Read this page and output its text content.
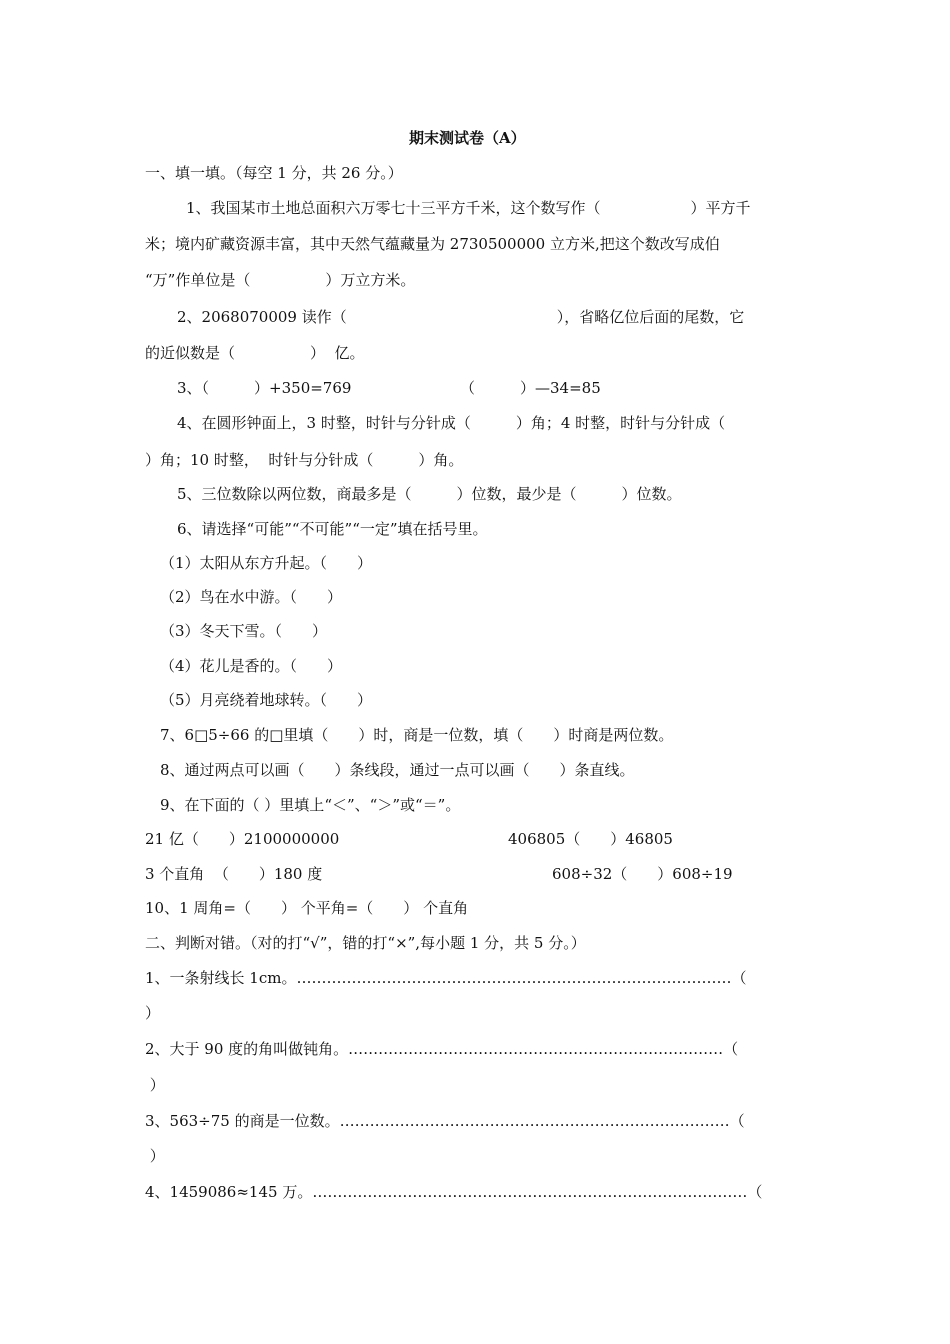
期末测试卷（A）
一、填一填。（每空 1 分，共 26 分。）
1、我国某市土地总面积六万零七十三平方千米，这个数写作（　　　　　　）平方千
米；境内矿藏资源丰富，其中天然气蕴藏量为 2730500000 立方米,把这个数改写成伯
“万”作单位是（　　　　　）万立方米。
2、2068070009 读作（　　　　　　　　　　　　　　），省略亿位后面的尾数，它
的近似数是（　　　　　）  亿。
3、（　　　）+350=769	（　　　）—34=85
4、在圆形钟面上，3 时整，时针与分针成（　　　）角；4 时整，时针与分针成（
）角；10 时整，  时针与分针成（　　　）角。
5、三位数除以两位数，商最多是（　　　）位数，最少是（　　　）位数。
6、请选择“可能”“不可能”“一定”填在括号里。
（1）太阳从东方升起。（　　）
（2）鸟在水中游。（　　）
（3）冬天下雪。（　　）
（4）花儿是香的。（　　）
（5）月亮绕着地球转。（　　）
7、6□5÷66 的□里填（　　）时，商是一位数，填（　　）时商是两位数。
8、通过两点可以画（　　）条线段，通过一点可以画（　　）条直线。
9、在下面的（ ）里填上“＜”、“＞”或“＝”。
21 亿（　　）2100000000	406805（　　）46805
3 个直角  （　　）180 度	608÷32（　　）608÷19
10、1 周角=（　　） 个平角=（　　） 个直角
二、判断对错。（对的打“√”，错的打“×”,每小题 1 分，共 5 分。）
1、一条射线长 1cm。……………………………………………………………………………（
）
2、大于 90 度的角叫做钝角。…………………………………………………………………（
）
3、563÷75 的商是一位数。……………………………………………………………………（
）
4、1459086≈145 万。……………………………………………………………………………（
